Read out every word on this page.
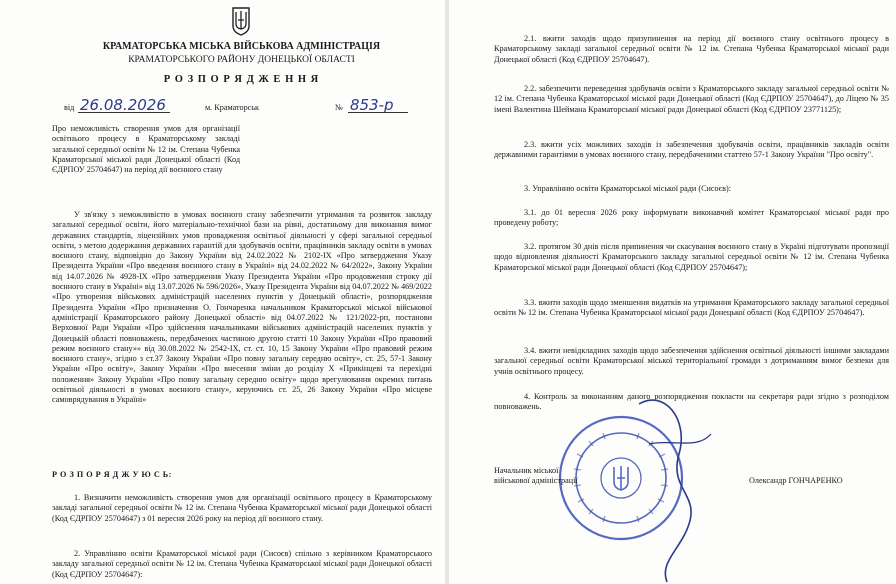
КРАМАТОРСЬКА МІСЬКА ВІЙСЬКОВА АДМІНІСТРАЦІЯ
КРАМАТОРСЬКОГО РАЙОНУ ДОНЕЦЬКОЇ ОБЛАСТІ
Р О З П О Р Я Д Ж Е Н Н Я
від 26.08.2026	м. Краматорськ	№ 853-р
Про неможливість створення умов для організації освітнього процесу в Краматорському закладі загальної середньої освіти № 12 ім. Степана Чубенка Краматорської міської ради Донецької області (Код ЄДРПОУ 25704647) на період дії воєнного стану
У зв'язку з неможливістю в умовах воєнного стану забезпечити утримання та розвиток закладу загальної середньої освіти, його матеріально-технічної бази на рівні, достатньому для виконання вимог державних стандартів, ліцензійних умов провадження освітньої діяльності у сфері загальної середньої освіти, з метою додержання державних гарантій для здобувачів освіти, працівників закладу освіти в умовах воєнного стану, відповідно до Закону України від 24.02.2022 № 2102-IX «Про затвердження Указу Президента України «Про введення воєнного стану в Україні» від 24.02.2022 № 64/2022», Закону України від 14.07.2026 № 4928-IX «Про затвердження Указу Президента України «Про продовження строку дії воєнного стану в Україні» від 13.07.2026 № 596/2026», Указу Президента України від 04.07.2022 № 469/2022 «Про утворення військових адміністрацій населених пунктів у Донецькій області», розпорядження Президента України «Про призначення О. Гончаренка начальником Краматорської міської військової адміністрації Краматорського району Донецької області» від 04.07.2022 № 121/2022-рп, постанови Верховної Ради України «Про здійснення начальниками військових адміністрацій населених пунктів у Донецькій області повноважень, передбачених частиною другою статті 10 Закону України «Про правовий режим воєнного стану»» від 30.08.2022 № 2542-IX, ст. ст. 10, 15 Закону України «Про правовий режим воєнного стану», згідно з ст.37 Закону України «Про повну загальну середню освіту», ст. 25, 57-1 Закону України «Про освіту», Закону України «Про внесення зміни до розділу X «Прикінцеві та перехідні положення» Закону України «Про повну загальну середню освіту» щодо врегулювання окремих питань освітньої діяльності в умовах воєнного стану», керуючись ст. 25, 26 Закону України «Про місцеве самоврядування в Україні»
Р О З П О Р Я Д Ж У Ю С Ь:
1. Визначити неможливість створення умов для організації освітнього процесу в Краматорському закладі загальної середньої освіти № 12 ім. Степана Чубенка Краматорської міської ради Донецької області (Код ЄДРПОУ 25704647) з 01 вересня 2026 року на період дії воєнного стану.
2. Управлінню освіти Краматорської міської ради (Сисоєв) спільно з керівником Краматорського закладу загальної середньої освіти № 12 ім. Степана Чубенка Краматорської міської ради Донецької області (Код ЄДРПОУ 25704647):
2.1. вжити заходів щодо призупинення на період дії воєнного стану освітнього процесу в Краматорському закладі загальної середньої освіти № 12 ім. Степана Чубенка Краматорської міської ради Донецької області (Код ЄДРПОУ 25704647).
2.2. забезпечити переведення здобувачів освіти з Краматорського закладу загальної середньої освіти № 12 ім. Степана Чубенка Краматорської міської ради Донецької області (Код ЄДРПОУ 25704647), до Ліцею № 35 імені Валентина Шеймана Краматорської міської ради Донецької області (Код ЄДРПОУ 23771125);
2.3. вжити усіх можливих заходів із забезпечення здобувачів освіти, працівників закладів освіти державними гарантіями в умовах воєнного стану, передбаченими статтею 57-1 Закону України "Про освіту".
3. Управлінню освіти Краматорської міської ради (Сисоєв):
3.1. до 01 вересня 2026 року інформувати виконавчий комітет Краматорської міської ради про проведену роботу;
3.2. протягом 30 днів після припинення чи скасування воєнного стану в Україні підготувати пропозиції щодо відновлення діяльності Краматорського закладу загальної середньої освіти № 12 ім. Степана Чубенка Краматорської міської ради Донецької області (Код ЄДРПОУ 25704647);
3.3. вжити заходів щодо зменшення видатків на утримання Краматорського закладу загальної середньої освіти № 12 ім. Степана Чубенка Краматорської міської ради Донецької області (Код ЄДРПОУ 25704647).
3.4. вжити невідкладних заходів щодо забезпечення здійснення освітньої діяльності іншими закладами загальної середньої освіти Краматорської міської територіальної громади з дотриманням вимог безпеки для учнів освітнього процесу.
4. Контроль за виконанням даного розпорядження покласти на секретаря ради згідно з розподілом повноважень.
Начальник міської
військової адміністрації	Олександр ГОНЧАРЕНКО
